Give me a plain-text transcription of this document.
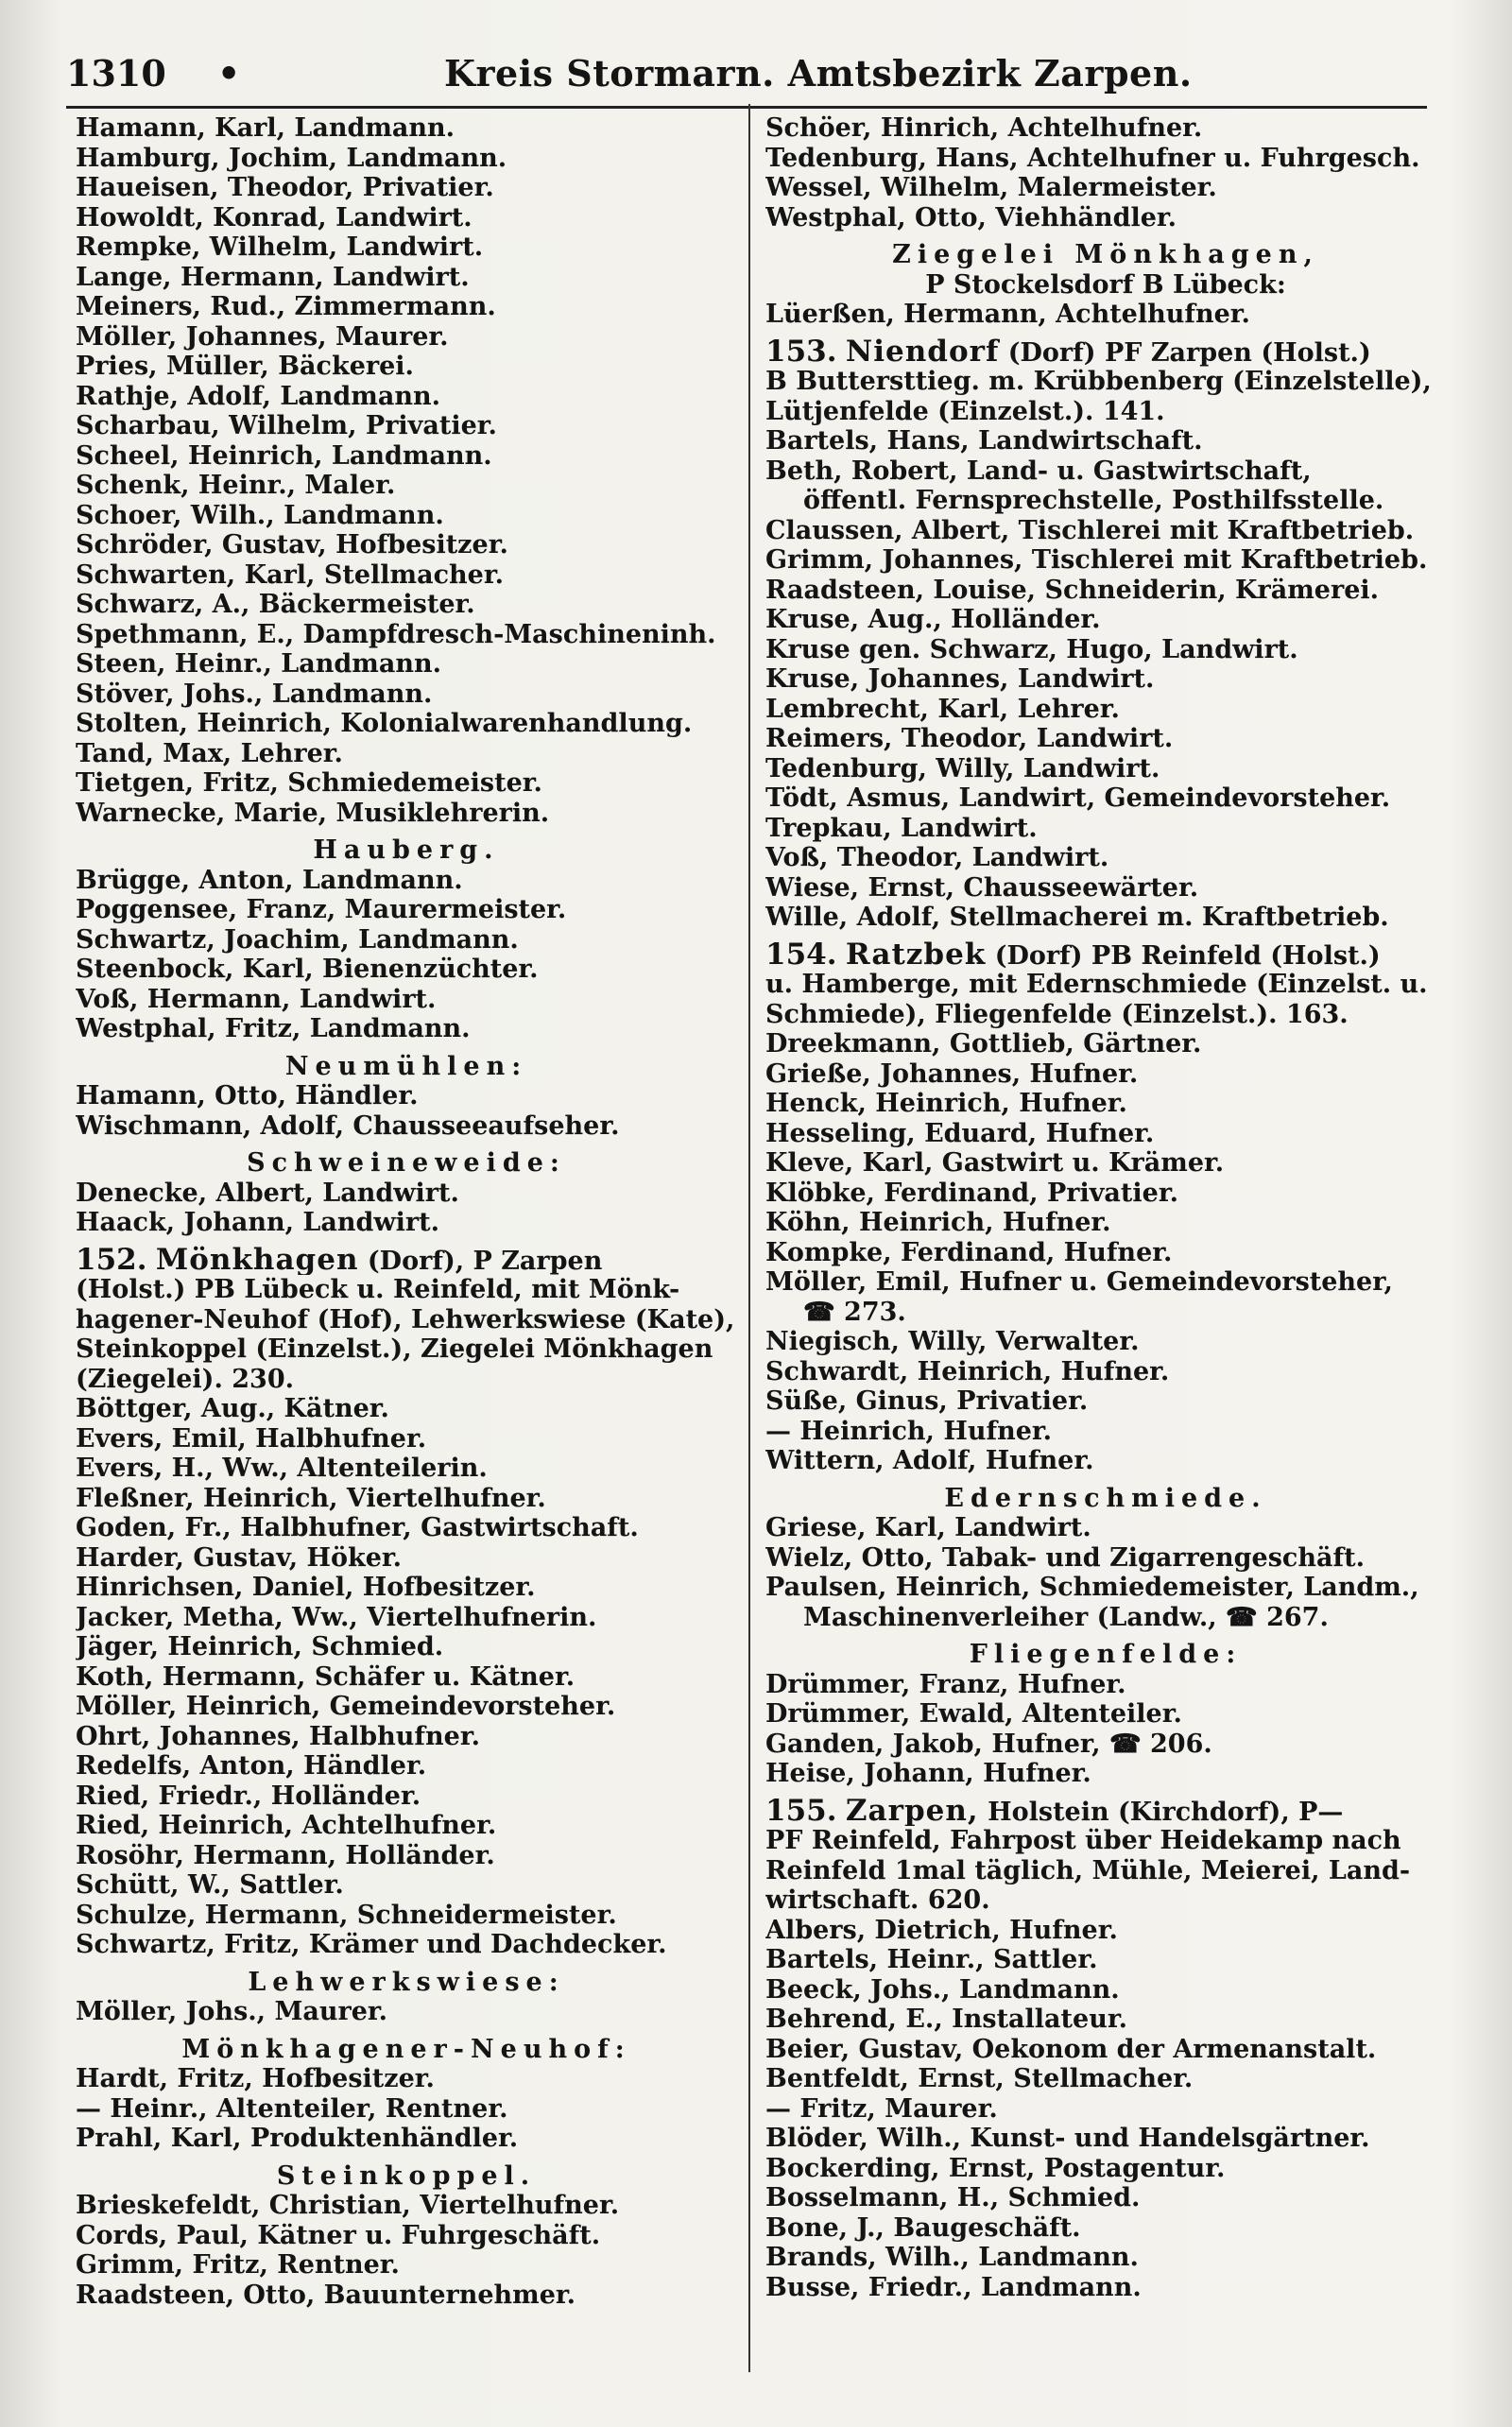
1310 •	Kreis Stormarn. Amtsbezirk Zarpen.
Hamann, Karl, Landmann.
Hamburg, Jochim, Landmann.
Haueisen, Theodor, Privatier.
Howoldt, Konrad, Landwirt.
Rempke, Wilhelm, Landwirt.
Lange, Hermann, Landwirt.
Meiners, Rud., Zimmermann.
Möller, Johannes, Maurer.
Pries, Müller, Bäckerei.
Rathje, Adolf, Landmann.
Scharbau, Wilhelm, Privatier.
Scheel, Heinrich, Landmann.
Schenk, Heinr., Maler.
Schoer, Wilh., Landmann.
Schröder, Gustav, Hofbesitzer.
Schwarten, Karl, Stellmacher.
Schwarz, A., Bäckermeister.
Spethmann, E., Dampfdresch-Maschineninh.
Steen, Heinr., Landmann.
Stöver, Johs., Landmann.
Stolten, Heinrich, Kolonialwarenhandlung.
Tand, Max, Lehrer.
Tietgen, Fritz, Schmiedemeister.
Warnecke, Marie, Musiklehrerin.
Hauberg.
Brügge, Anton, Landmann.
Poggensee, Franz, Maurermeister.
Schwartz, Joachim, Landmann.
Steenbock, Karl, Bienenzüchter.
Voß, Hermann, Landwirt.
Westphal, Fritz, Landmann.
Neumühlen:
Hamann, Otto, Händler.
Wischmann, Adolf, Chausseeaufseher.
Schweineweide:
Denecke, Albert, Landwirt.
Haack, Johann, Landwirt.
152. Mönkhagen (Dorf), P Zarpen
(Holst.) PB Lübeck u. Reinfeld, mit Mönk-
hagener-Neuhof (Hof), Lehwerkswiese (Kate),
Steinkoppel (Einzelst.), Ziegelei Mönkhagen
(Ziegelei). 230.
Böttger, Aug., Kätner.
Evers, Emil, Halbhufner.
Evers, H., Ww., Altenteilerin.
Fleßner, Heinrich, Viertelhufner.
Goden, Fr., Halbhufner, Gastwirtschaft.
Harder, Gustav, Höker.
Hinrichsen, Daniel, Hofbesitzer.
Jacker, Metha, Ww., Viertelhufnerin.
Jäger, Heinrich, Schmied.
Koth, Hermann, Schäfer u. Kätner.
Möller, Heinrich, Gemeindevorsteher.
Ohrt, Johannes, Halbhufner.
Redelfs, Anton, Händler.
Ried, Friedr., Holländer.
Ried, Heinrich, Achtelhufner.
Rosöhr, Hermann, Holländer.
Schütt, W., Sattler.
Schulze, Hermann, Schneidermeister.
Schwartz, Fritz, Krämer und Dachdecker.
Lehwerkswiese:
Möller, Johs., Maurer.
Mönkhagener-Neuhof:
Hardt, Fritz, Hofbesitzer.
— Heinr., Altenteiler, Rentner.
Prahl, Karl, Produktenhändler.
Steinkoppel.
Brieskefeldt, Christian, Viertelhufner.
Cords, Paul, Kätner u. Fuhrgeschäft.
Grimm, Fritz, Rentner.
Raadsteen, Otto, Bauunternehmer.
Schöer, Hinrich, Achtelhufner.
Tedenburg, Hans, Achtelhufner u. Fuhrgesch.
Wessel, Wilhelm, Malermeister.
Westphal, Otto, Viehhändler.
Ziegelei Mönkhagen,
P Stockelsdorf B Lübeck:
Lüerßen, Hermann, Achtelhufner.
153. Niendorf (Dorf) PF Zarpen (Holst.)
B Buttersttieg. m. Krübbenberg (Einzelstelle),
Lütjenfelde (Einzelst.). 141.
Bartels, Hans, Landwirtschaft.
Beth, Robert, Land- u. Gastwirtschaft,
öffentl. Fernsprechstelle, Posthilfsstelle.
Claussen, Albert, Tischlerei mit Kraftbetrieb.
Grimm, Johannes, Tischlerei mit Kraftbetrieb.
Raadsteen, Louise, Schneiderin, Krämerei.
Kruse, Aug., Holländer.
Kruse gen. Schwarz, Hugo, Landwirt.
Kruse, Johannes, Landwirt.
Lembrecht, Karl, Lehrer.
Reimers, Theodor, Landwirt.
Tedenburg, Willy, Landwirt.
Tödt, Asmus, Landwirt, Gemeindevorsteher.
Trepkau, Landwirt.
Voß, Theodor, Landwirt.
Wiese, Ernst, Chausseewärter.
Wille, Adolf, Stellmacherei m. Kraftbetrieb.
154. Ratzbek (Dorf) PB Reinfeld (Holst.)
u. Hamberge, mit Edernschmiede (Einzelst. u.
Schmiede), Fliegenfelde (Einzelst.). 163.
Dreekmann, Gottlieb, Gärtner.
Grieße, Johannes, Hufner.
Henck, Heinrich, Hufner.
Hesseling, Eduard, Hufner.
Kleve, Karl, Gastwirt u. Krämer.
Klöbke, Ferdinand, Privatier.
Köhn, Heinrich, Hufner.
Kompke, Ferdinand, Hufner.
Möller, Emil, Hufner u. Gemeindevorsteher,
☎ 273.
Niegisch, Willy, Verwalter.
Schwardt, Heinrich, Hufner.
Süße, Ginus, Privatier.
— Heinrich, Hufner.
Wittern, Adolf, Hufner.
Edernschmiede.
Griese, Karl, Landwirt.
Wielz, Otto, Tabak- und Zigarrengeschäft.
Paulsen, Heinrich, Schmiedemeister, Landm.,
Maschinenverleiher (Landw., ☎ 267.
Fliegenfelde:
Drümmer, Franz, Hufner.
Drümmer, Ewald, Altenteiler.
Ganden, Jakob, Hufner, ☎ 206.
Heise, Johann, Hufner.
155. Zarpen, Holstein (Kirchdorf), P—
PF Reinfeld, Fahrpost über Heidekamp nach
Reinfeld 1mal täglich, Mühle, Meierei, Land-
wirtschaft. 620.
Albers, Dietrich, Hufner.
Bartels, Heinr., Sattler.
Beeck, Johs., Landmann.
Behrend, E., Installateur.
Beier, Gustav, Oekonom der Armenanstalt.
Bentfeldt, Ernst, Stellmacher.
— Fritz, Maurer.
Blöder, Wilh., Kunst- und Handelsgärtner.
Bockerding, Ernst, Postagentur.
Bosselmann, H., Schmied.
Bone, J., Baugeschäft.
Brands, Wilh., Landmann.
Busse, Friedr., Landmann.
